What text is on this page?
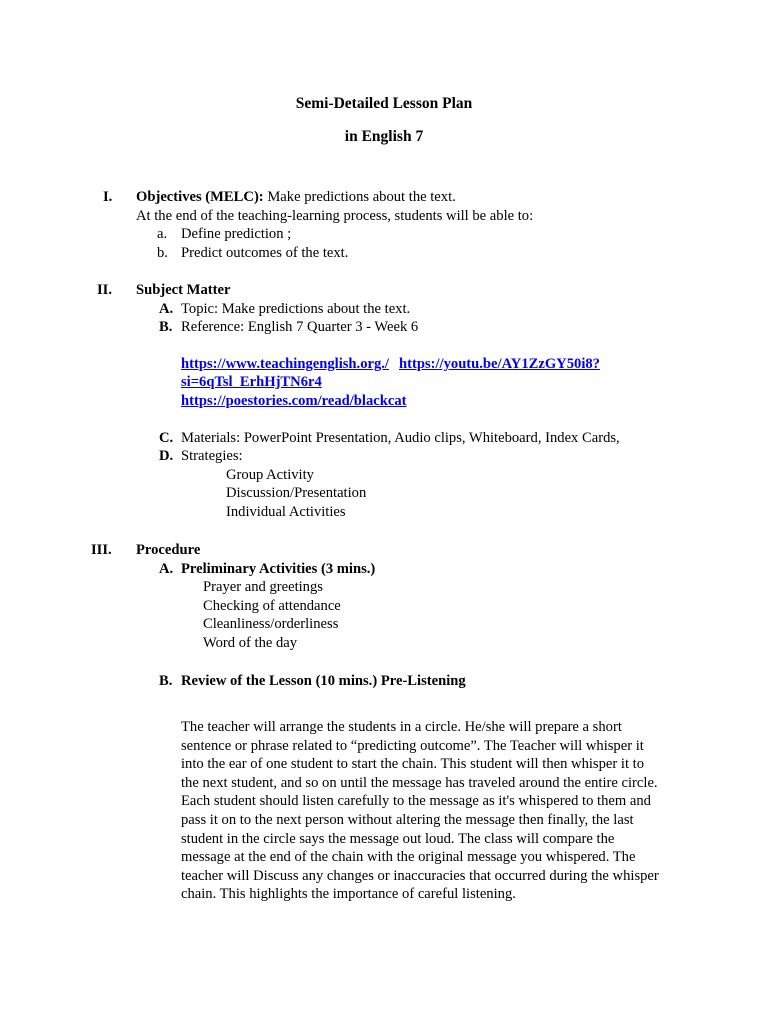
Semi-Detailed Lesson Plan
in English 7
I. Objectives (MELC): Make predictions about the text.
At the end of the teaching-learning process, students will be able to:
a. Define prediction ;
b. Predict outcomes of the text.
II. Subject Matter
A. Topic: Make predictions about the text.
B. Reference: English 7 Quarter 3 - Week 6
https://www.teachingenglish.org./ https://youtu.be/AY1ZzGY50i8?
si=6qTsl_ErhHjTN6r4
https://poestories.com/read/blackcat
C. Materials: PowerPoint Presentation, Audio clips, Whiteboard, Index Cards,
D. Strategies:
Group Activity
Discussion/Presentation
Individual Activities
III. Procedure
A. Preliminary Activities (3 mins.)
Prayer and greetings
Checking of attendance
Cleanliness/orderliness
Word of the day
B. Review of the Lesson (10 mins.) Pre-Listening
The teacher will arrange the students in a circle. He/she will prepare a short
sentence or phrase related to “predicting outcome”. The Teacher will whisper it
into the ear of one student to start the chain. This student will then whisper it to
the next student, and so on until the message has traveled around the entire circle.
Each student should listen carefully to the message as it's whispered to them and
pass it on to the next person without altering the message then finally, the last
student in the circle says the message out loud. The class will compare the
message at the end of the chain with the original message you whispered. The
teacher will Discuss any changes or inaccuracies that occurred during the whisper
chain. This highlights the importance of careful listening.
